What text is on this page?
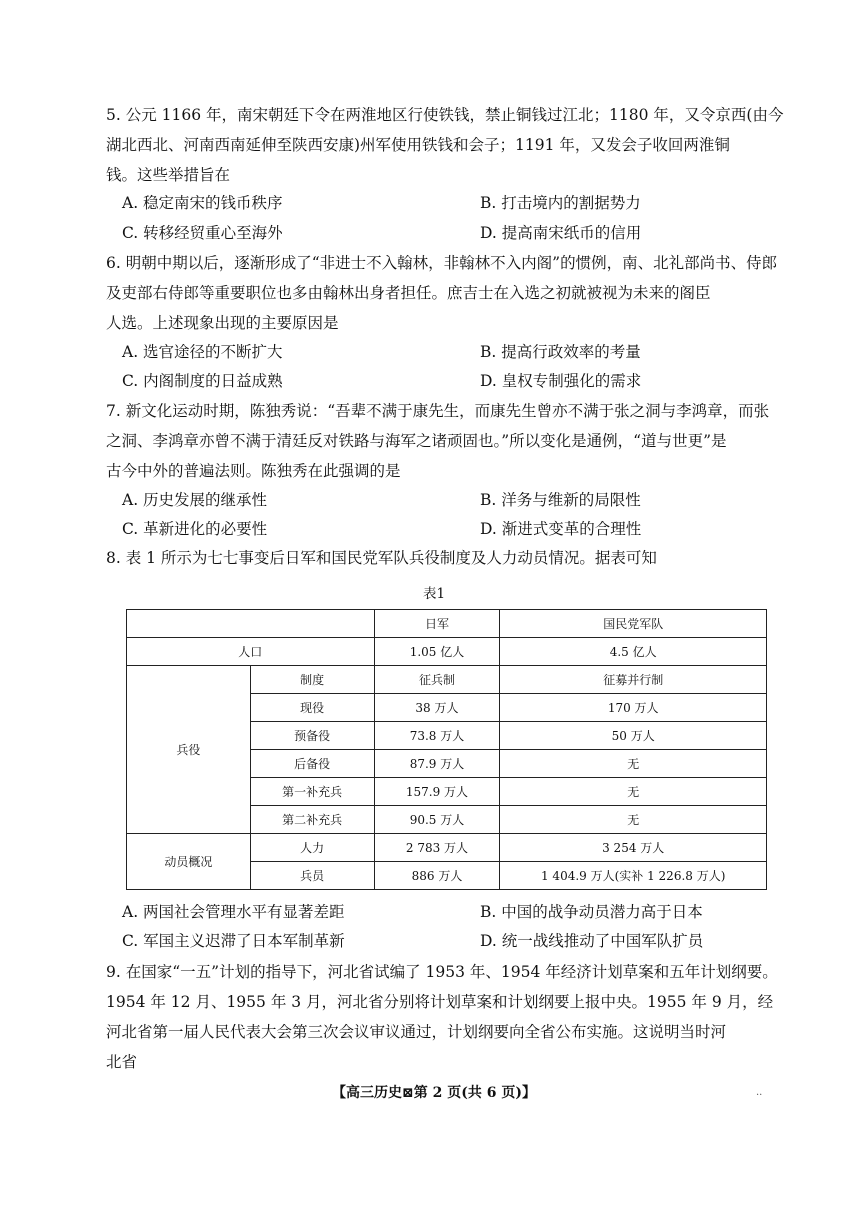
5. 公元 1166 年，南宋朝廷下令在两淮地区行使铁钱，禁止铜钱过江北；1180 年，又令京西(由今

湖北西北、河南西南延伸至陕西安康)州军使用铁钱和会子；1191 年，又发会子收回两淮铜

钱。这些举措旨在

A. 稳定南宋的钱币秩序	B. 打击境内的割据势力
C. 转移经贸重心至海外	D. 提高南宋纸币的信用

6. 明朝中期以后，逐渐形成了“非进士不入翰林，非翰林不入内阁”的惯例，南、北礼部尚书、侍郎

及吏部右侍郎等重要职位也多由翰林出身者担任。庶吉士在入选之初就被视为未来的阁臣

人选。上述现象出现的主要原因是

A. 选官途径的不断扩大	B. 提高行政效率的考量
C. 内阁制度的日益成熟	D. 皇权专制强化的需求

7. 新文化运动时期，陈独秀说：“吾辈不满于康先生，而康先生曾亦不满于张之洞与李鸿章，而张

之洞、李鸿章亦曾不满于清廷反对铁路与海军之诸顽固也。”所以变化是通例，“道与世更”是

古今中外的普遍法则。陈独秀在此强调的是

A. 历史发展的继承性	B. 洋务与维新的局限性
C. 革新进化的必要性	D. 渐进式变革的合理性

8. 表 1 所示为七七事变后日军和国民党军队兵役制度及人力动员情况。据表可知

表1
		日军	国民党军队
人口		1.05 亿人	4.5 亿人
兵役	制度	征兵制	征募并行制
	现役	38 万人	170 万人
	预备役	73.8 万人	50 万人
	后备役	87.9 万人	无
	第一补充兵	157.9 万人	无
	第二补充兵	90.5 万人	无
动员概况	人力	2 783 万人	3 254 万人
	兵员	886 万人	1 404.9 万人(实补 1 226.8 万人)
A. 两国社会管理水平有显著差距	B. 中国的战争动员潜力高于日本
C. 军国主义迟滞了日本军制革新	D. 统一战线推动了中国军队扩员

9. 在国家“一五”计划的指导下，河北省试编了 1953 年、1954 年经济计划草案和五年计划纲要。

1954 年 12 月、1955 年 3 月，河北省分别将计划草案和计划纲要上报中央。1955 年 9 月，经

河北省第一届人民代表大会第三次会议审议通过，计划纲要向全省公布实施。这说明当时河

北省

【高三历史⊠第 2 页(共 6 页)】	..
